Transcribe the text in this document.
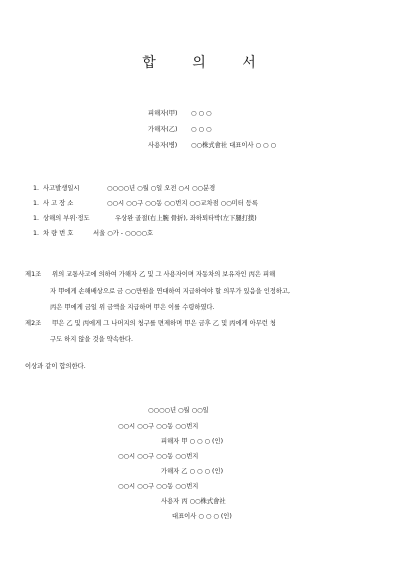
합 의 서
피해자(甲) ○ ○ ○
가해자(乙) ○ ○ ○
사용자(병) ○○株式會社 대표이사 ○ ○ ○
1. 사고발생일시	○○○○년 ○월 ○일 오전 ○시 ○○분경
1. 사 고 장 소	○○시 ○○구 ○○동 ○○번지 ○○교차점 ○○미터 등록
1. 상해의 부위·정도	우상완 골절(右上腕 骨折), 좌하퇴타박(左下腿打撲)
1. 차 량 번 호	서울 ○가 - ○○○○호
제1조 위의 교통사고에 의하여 가해자 乙 및 그 사용자이며 자동차의 보유자인 丙은 피해
자 甲에게 손해배상으로 금 ○○만원을 연대하여 지급하여야 할 의무가 있음을 인정하고,
丙은 甲에게 금일 위 금액을 지급하며 甲은 이를 수령하였다.
제2조 甲은 乙 및 丙에게 그 나머지의 청구를 면제하며 甲은 금후 乙 및 丙에게 아무런 청
구도 하지 않을 것을 약속한다.
이상과 같이 합의한다.
○○○○년 ○월 ○○일
○○시 ○○구 ○○동 ○○번지
피해자 甲 ○ ○ ○ (인)
○○시 ○○구 ○○동 ○○번지
가해자 乙 ○ ○ ○ (인)
○○시 ○○구 ○○동 ○○번지
사용자 丙 ○○株式會社
대표이사 ○ ○ ○ (인)
